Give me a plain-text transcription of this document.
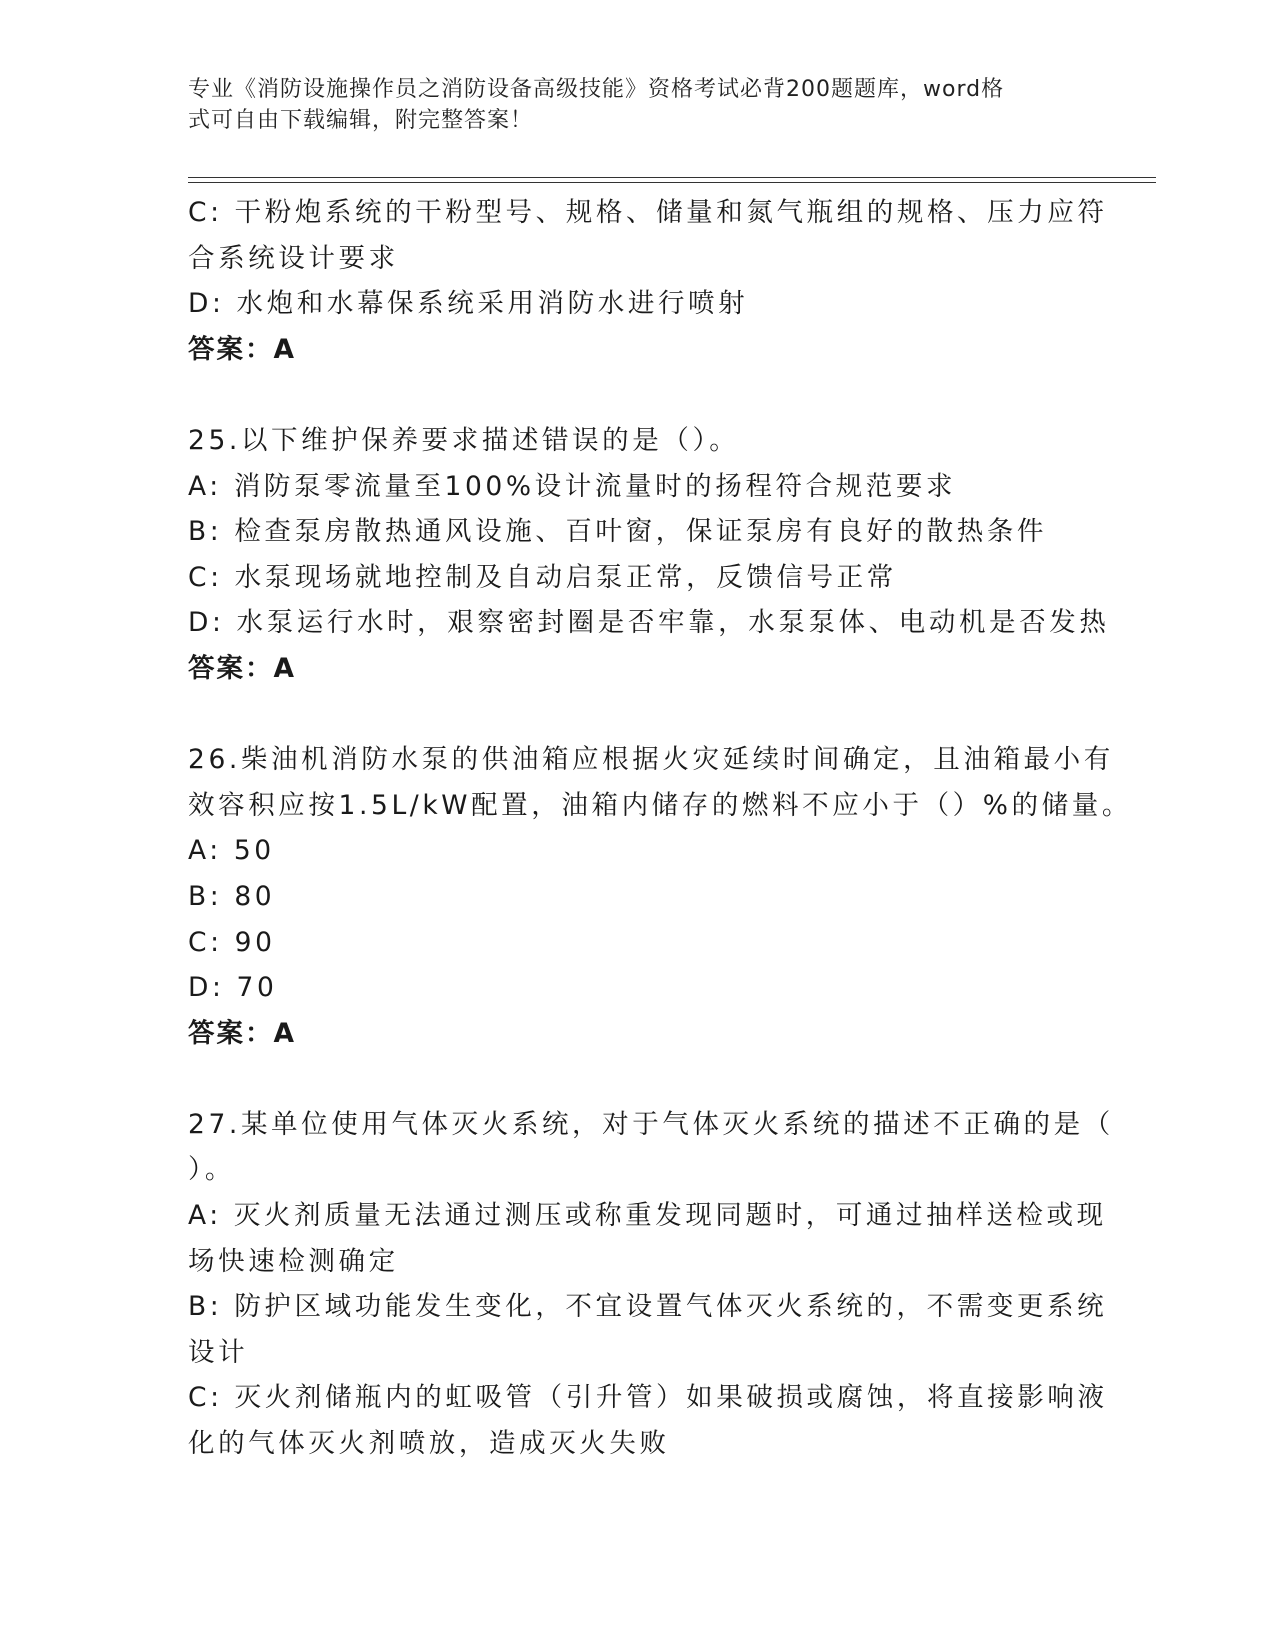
专业《消防设施操作员之消防设备高级技能》资格考试必背200题题库，word格
式可自由下载编辑，附完整答案！
C: 干粉炮系统的干粉型号、规格、储量和氮气瓶组的规格、压力应符
合系统设计要求
D: 水炮和水幕保系统采用消防水进行喷射
答案：A
25.以下维护保养要求描述错误的是（）。
A: 消防泵零流量至100%设计流量时的扬程符合规范要求
B: 检查泵房散热通风设施、百叶窗，保证泵房有良好的散热条件
C: 水泵现场就地控制及自动启泵正常，反馈信号正常
D: 水泵运行水时，艰察密封圈是否牢靠，水泵泵体、电动机是否发热
答案：A
26.柴油机消防水泵的供油箱应根据火灾延续时间确定，且油箱最小有
效容积应按1.5L/kW配置，油箱内储存的燃料不应小于（）%的储量。
A: 50
B: 80
C: 90
D: 70
答案：A
27.某单位使用气体灭火系统，对于气体灭火系统的描述不正确的是（
）。
A: 灭火剂质量无法通过测压或称重发现同题时，可通过抽样送检或现
场快速检测确定
B: 防护区域功能发生变化，不宜设置气体灭火系统的，不需变更系统
设计
C: 灭火剂储瓶内的虹吸管（引升管）如果破损或腐蚀，将直接影响液
化的气体灭火剂喷放，造成灭火失败
